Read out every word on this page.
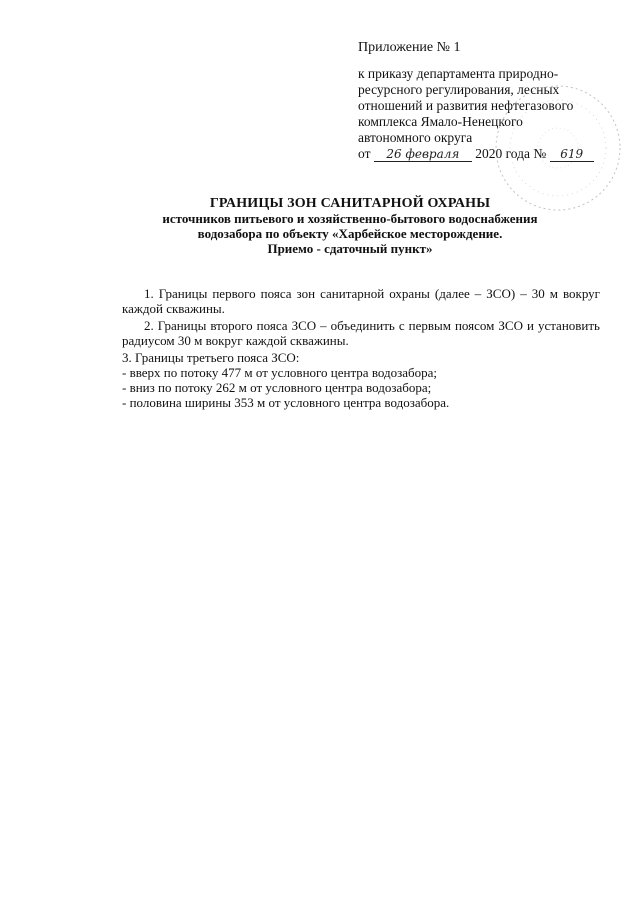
Приложение № 1
к приказу департамента природно-
ресурсного регулирования, лесных
отношений и развития нефтегазового
комплекса Ямало-Ненецкого
автономного округа
от 26 февраля 2020 года № 619
ГРАНИЦЫ ЗОН САНИТАРНОЙ ОХРАНЫ
источников питьевого и хозяйственно-бытового водоснабжения
водозабора по объекту «Харбейское месторождение.
Приемо - сдаточный пункт»

1. Границы первого пояса зон санитарной охраны (далее – ЗСО) – 30 м вокруг каждой скважины.

2. Границы второго пояса ЗСО – объединить с первым поясом ЗСО и установить радиусом 30 м вокруг каждой скважины.

3. Границы третьего пояса ЗСО:

- вверх по потоку 477 м от условного центра водозабора;

- вниз по потоку 262 м от условного центра водозабора;

- половина ширины 353 м от условного центра водозабора.
